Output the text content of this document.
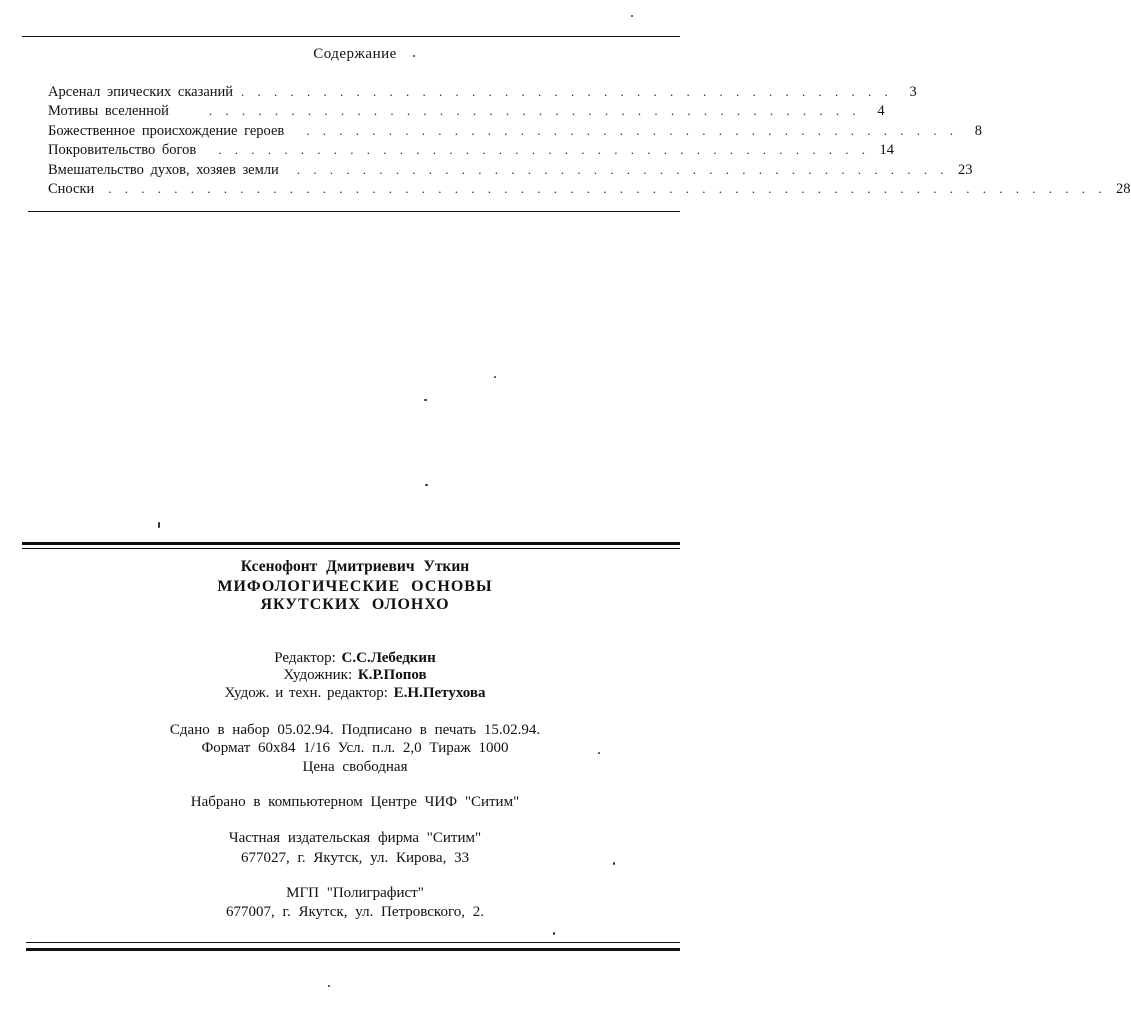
Содержание
Арсенал эпических сказаний . . . . . . . . . . . . . . . . . . . . . . . . . . . . . . . . . . . . . . . .	3
Мотивы вселенной	. . . . . . . . . . . . . . . . . . . . . . . . . . . . . . . . . . . . . . . .	4
Божественное происхождение героев . . . . . . . . . . . . . . . . . . . . . . . . . . . . . . . . . . . . . . . .	8
Покровительство богов . . . . . . . . . . . . . . . . . . . . . . . . . . . . . . . . . . . . . . . . 14
Вмешательство духов, хозяев земли . . . . . . . . . . . . . . . . . . . . . . . . . . . . . . . . . . . . . . . . 23
Сноски . . . . . . . . . . . . . . . . . . . . . . . . . . . . . . . . . . . . . . . . . . . . . . . . . . . . . . . . . . . . . 28
Ксенофонт Дмитриевич Уткин
МИФОЛОГИЧЕСКИЕ ОСНОВЫ
ЯКУТСКИХ ОЛОНХО
Редактор: С.С.Лебедкин
Художник: К.Р.Попов
Худож. и техн. редактор: Е.Н.Петухова
Сдано в набор 05.02.94. Подписано в печать 15.02.94.
Формат 60х84 1/16 Усл. п.л. 2,0 Тираж 1000
Цена свободная
Набрано в компьютерном Центре ЧИФ "Ситим"
Частная издательская фирма "Ситим"
677027, г. Якутск, ул. Кирова, 33
МГП "Полиграфист"
677007, г. Якутск, ул. Петровского, 2.
